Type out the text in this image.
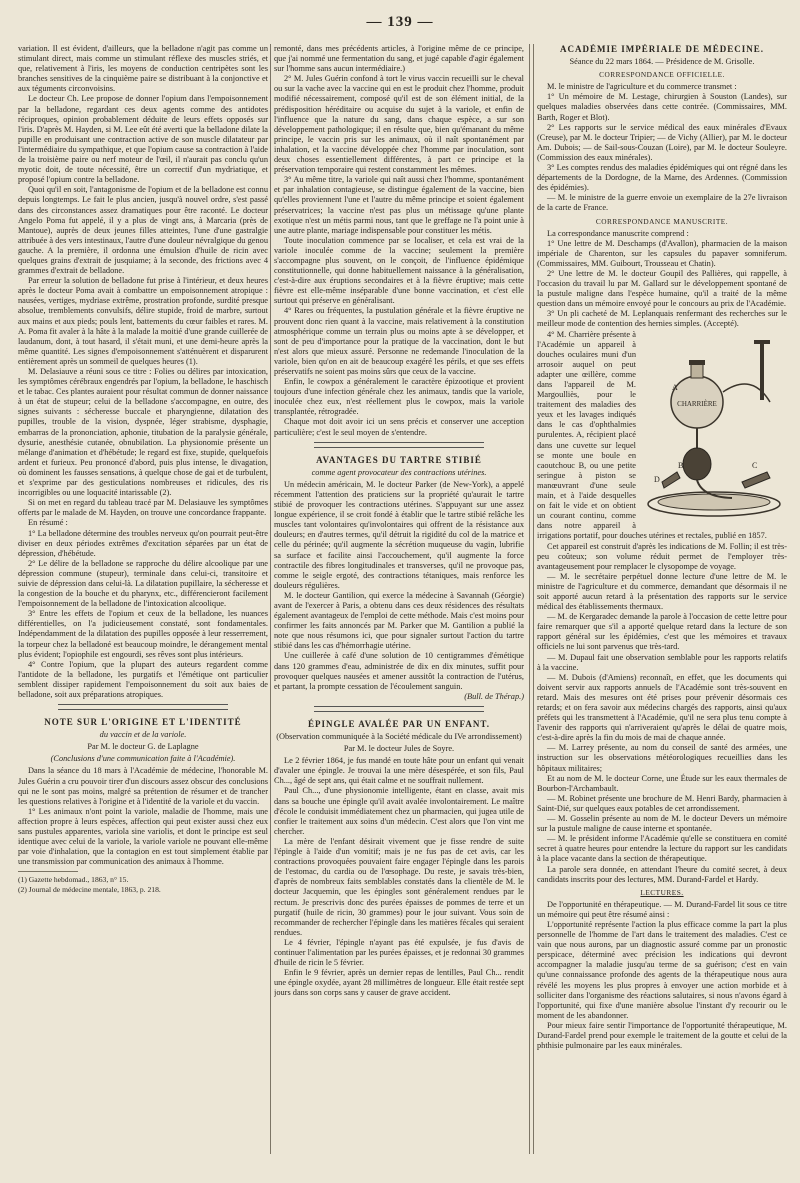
— 139 —

variation. Il est évident, d'ailleurs, que la belladone n'agit pas comme un stimulant direct, mais comme un stimulant réflexe des muscles striés, et que, relativement à l'iris, les moyens de conduction centripètes sont les branches sensitives de la cinquième paire se distribuant à la conjonctive et aux téguments circonvoisins.

Le docteur Ch. Lee propose de donner l'opium dans l'empoisonnement par la belladone, regardant ces deux agents comme des antidotes réciproques, opinion probablement déduite de leurs effets opposés sur l'iris. D'après M. Hayden, si M. Lee eût été averti que la belladone dilate la pupille en produisant une contraction active de son muscle dilatateur par l'intermédiaire du sympathique, et que l'opium cause sa contraction à l'aide de la troisième paire ou nerf moteur de l'œil, il n'aurait pas conclu qu'un myotic doit, de toute nécessité, être un correctif d'un mydriatique, et proposé l'opium contre la belladone.

Quoi qu'il en soit, l'antagonisme de l'opium et de la belladone est connu depuis longtemps. Le fait le plus ancien, jusqu'à nouvel ordre, s'est passé dans des circonstances assez dramatiques pour être raconté. Le docteur Angelo Poma fut appelé, il y a plus de vingt ans, à Marcaria (près de Mantoue), auprès de deux jeunes filles atteintes, l'une d'une gastralgie attribuée à des vers intestinaux, l'autre d'une douleur névralgique du genou gauche. A la première, il ordonna une émulsion d'huile de ricin avec quelques grains d'extrait de jusquiame; à la seconde, des frictions avec 4 grammes d'extrait de belladone.

Par erreur la solution de belladone fut prise à l'intérieur, et deux heures après le docteur Poma avait à combattre un empoisonnement atropique : nausées, vertiges, mydriase extrême, prostration profonde, surdité presque absolue, tremblements convulsifs, délire stupide, froid de marbre, surtout aux mains et aux pieds; pouls lent, battements du cœur faibles et rares. M. A. Poma fit avaler à la hâte à la malade la moitié d'une grande cuillerée de laudanum, dont, à tout hasard, il s'était muni, et une demi-heure après la même quantité. Les signes d'empoisonnement s'atténuèrent et disparurent entièrement après un sommeil de quelques heures (1).

M. Delasiauve a réuni sous ce titre : Folies ou délires par intoxication, les symptômes cérébraux engendrés par l'opium, la belladone, le haschisch et le tabac. Ces plantes auraient pour résultat commun de donner naissance à un état de stupeur; celui de la belladone s'accompagne, en outre, des signes suivants : sécheresse buccale et pharyngienne, dilatation des pupilles, trouble de la vision, dyspnée, léger strabisme, dysphagie, embarras de la prononciation, aphonie, titubation de la paralysie générale, dysurie, anesthésie cutanée, obnubilation. La physionomie présente un mélange d'animation et d'hébétude; le regard est fixe, stupide, quelquefois ardent et furieux. Peu prononcé d'abord, puis plus intense, le divagation, où dominent les fausses sensations, à quelque chose de gai et de turbulent, et s'exprime par des gesticulations nombreuses et ridicules, des ris incorrigibles ou une loquacité intarissable (2).

Si on met en regard du tableau tracé par M. Delasiauve les symptômes offerts par le malade de M. Hayden, on trouve une concordance frappante.

En résumé :

1° La belladone détermine des troubles nerveux qu'on pourrait peut-être diviser en deux périodes extrêmes d'excitation séparées par un état de dépression, d'hébétude.

2° Le délire de la belladone se rapproche du délire alcoolique par une dépression commune (stupeur), terminale dans celui-ci, transitoire et suivie de dépression dans celui-là. La dilatation pupillaire, la sécheresse et la congestion de la bouche et du pharynx, etc., différencieront facilement l'empoisonnement de la belladone de l'intoxication alcoolique.

3° Entre les effets de l'opium et ceux de la belladone, les nuances différentielles, on l'a judicieusement constaté, sont fondamentales. Indépendamment de la dilatation des pupilles opposée à leur resserrement, la torpeur chez la belladoné est beaucoup moindre, le dérangement mental plus évident; l'opiophile est engourdi, ses rêves sont plus intérieurs.

4° Contre l'opium, que la plupart des auteurs regardent comme l'antidote de la belladone, les purgatifs et l'émétique ont particulier semblent dissiper rapidement l'empoisonnement du soit aux baies de belladone, soit aux préparations atropiques.

NOTE SUR L'ORIGINE ET L'IDENTITÉ

du vaccin et de la variole.

Par M. le docteur G. de Laplagne

(Conclusions d'une communication faite à l'Académie).

Dans la séance du 18 mars à l'Académie de médecine, l'honorable M. Jules Guérin a cru pouvoir tirer d'un discours assez obscur des conclusions qui ne le sont pas moins, malgré sa prétention de résumer et de trancher les questions relatives à l'origine et à l'identité de la variole et du vaccin.

1° Les animaux n'ont point la variole, maladie de l'homme, mais une affection propre à leurs espèces, affection qui peut exister aussi chez eux sans pustules apparentes, variola sine variolis, et dont le principe est seul identique avec celui de la variole, la variole variole ne pouvant elle-même par voie d'inhalation, que la contagion en est tout simplement établie par une transmission par communication des animaux à l'homme.

(1) Gazette hebdomad., 1863, n° 15.

(2) Journal de médecine mentale, 1863, p. 218.

remonté, dans mes précédents articles, à l'origine même de ce principe, que j'ai nommé une fermentation du sang, et jugé capable d'agir également sur l'homme sans aucun intermédiaire.)

2° M. Jules Guérin confond à tort le virus vaccin recueilli sur le cheval ou sur la vache avec la vaccine qui en est le produit chez l'homme, produit modifié nécessairement, composé qu'il est de son élément initial, de la prédisposition héréditaire ou acquise du sujet à la variole, et enfin de l'influence que la nature du sang, dans chaque espèce, a sur son développement pathologique; il en résulte que, bien qu'émanant du même principe, le vaccin pris sur les animaux, où il naît spontanément par inhalation, et la vaccine développée chez l'homme par inoculation, sont deux choses essentiellement différentes, à part ce principe et la préservation temporaire qui restent constamment les mêmes.

3° Au même titre, la variole qui naît aussi chez l'homme, spontanément et par inhalation contagieuse, se distingue également de la vaccine, bien qu'elles proviennent l'une et l'autre du même principe et soient également préservatrices; la vaccine n'est pas plus un métissage qu'une plante exotique n'est un métis parmi nous, tant que le greffage ne l'a point unie à une autre plante, mariage indispensable pour constituer les métis.

Toute inoculation commence par se localiser, et cela est vrai de la variole inoculée comme de la vaccine; seulement la première s'accompagne plus souvent, on le conçoit, de l'influence épidémique constitutionnelle, qui donne habituellement naissance à la généralisation, c'est-à-dire aux éruptions secondaires et à la fièvre éruptive; mais cette fièvre est elle-même inséparable d'une bonne vaccination, et c'est elle surtout qui préserve en généralisant.

4° Rares ou fréquentes, la pustulation générale et la fièvre éruptive ne prouvent donc rien quant à la vaccine, mais relativement à la constitution atmosphérique comme un terrain plus ou moins apte à se développer, et sont de peu d'importance pour la pratique de la vaccination, dont le but n'est alors que mieux assuré. Personne ne redemande l'inoculation de la variole, bien qu'on en ait de beaucoup exagéré les périls, et que ses effets préservatifs ne soient pas moins sûrs que ceux de la vaccine.

Enfin, le cowpox a généralement le caractère épizootique et provient toujours d'une infection générale chez les animaux, tandis que la variole, inoculée chez eux, n'est réellement plus le cowpox, mais la variole transplantée, rétrogradée.

Chaque mot doit avoir ici un sens précis et conserver une acception particulière; c'est le seul moyen de s'entendre.

AVANTAGES DU TARTRE STIBIÉ

comme agent provocateur des contractions utérines.

Un médecin américain, M. le docteur Parker (de New-York), a appelé récemment l'attention des praticiens sur la propriété qu'aurait le tartre stibié de provoquer les contractions utérines. S'appuyant sur une assez longue expérience, il se croit fondé à établir que le tartre stibié relâche les muscles tant volontaires qu'involontaires qui offrent de la résistance aux douleurs; en d'autres termes, qu'il détruit la rigidité du col de la matrice et celle du périnée; qu'il augmente la sécrétion muqueuse du vagin, lubrifie sa surface et facilite ainsi l'accouchement, qu'il augmente la force contractile des fibres longitudinales et transverses, qu'il ne provoque pas, comme le seigle ergoté, des contractions tétaniques, mais renforce les douleurs régulières.

M. le docteur Gantilion, qui exerce la médecine à Savannah (Géorgie) avant de l'exercer à Paris, a obtenu dans ces deux résidences des résultats également avantageux de l'emploi de cette méthode. Mais c'est moins pour confirmer les faits annoncés par M. Parker que M. Gantilion a publié la note que nous résumons ici, que pour signaler surtout l'action du tartre stibié dans les cas d'hémorrhagie utérine.

Une cuillerée à café d'une solution de 10 centigrammes d'émétique dans 120 grammes d'eau, administrée de dix en dix minutes, suffit pour provoquer quelques nausées et amener aussitôt la contraction de l'utérus, et partant, la prompte cessation de l'écoulement sanguin.

(Bull. de Thérap.)

ÉPINGLE AVALÉE PAR UN ENFANT.

(Observation communiquée à la Société médicale du IVe arrondissement)

Par M. le docteur Jules de Soyre.

Le 2 février 1864, je fus mandé en toute hâte pour un enfant qui venait d'avaler une épingle. Je trouvai la une mère désespérée, et son fils, Paul Ch..., âgé de sept ans, qui était calme et ne souffrait nullement.

Paul Ch..., d'une physionomie intelligente, étant en classe, avait mis dans sa bouche une épingle qu'il avait avalée involontairement. Le maître d'école le conduisit immédiatement chez un pharmacien, qui jugea utile de confier le traitement aux soins d'un médecin. C'est alors que l'on vint me chercher.

La mère de l'enfant désirait vivement que je fisse rendre de suite l'épingle à l'aide d'un vomitif; mais je ne fus pas de cet avis, car les contractions provoquées pouvaient faire engager l'épingle dans les parois de l'estomac, du cardia ou de l'œsophage. Du reste, je savais très-bien, d'après de nombreux faits semblables constatés dans la clientèle de M. le docteur Jacquemin, que les épingles sont généralement rendues par le rectum. Je prescrivis donc des purées épaisses de pommes de terre et un purgatif (huile de ricin, 30 grammes) pour le jour suivant. Vous soin de recommander de rechercher l'épingle dans les matières fécales qui seraient rendues.

Le 4 février, l'épingle n'ayant pas été expulsée, je fus d'avis de continuer l'alimentation par les purées épaisses, et je redonnai 30 grammes d'huile de ricin le 5 février.

Enfin le 9 février, après un dernier repas de lentilles, Paul Ch... rendit une épingle oxydée, ayant 28 millimètres de longueur. Elle était restée sept jours dans son corps sans y causer de grave accident.

ACADÉMIE IMPÉRIALE DE MÉDECINE.

Séance du 22 mars 1864. — Présidence de M. Grisolle.

CORRESPONDANCE OFFICIELLE.

M. le ministre de l'agriculture et du commerce transmet :

1° Un mémoire de M. Lestage, chirurgien à Souston (Landes), sur quelques maladies observées dans cette contrée. (Commissaires, MM. Barth, Roger et Blot).

2° Les rapports sur le service médical des eaux minérales d'Evaux (Creuse), par M. le docteur Tripier; — de Vichy (Allier), par M. le docteur Am. Dubois; — de Sail-sous-Couzan (Loire), par M. le docteur Souleyre. (Commission des eaux minérales).

3° Les comptes rendus des maladies épidémiques qui ont régné dans les départements de la Dordogne, de la Marne, des Ardennes. (Commission des épidémies).

— M. le ministre de la guerre envoie un exemplaire de la 27e livraison de la carte de France.

CORRESPONDANCE MANUSCRITE.

La correspondance manuscrite comprend :

1° Une lettre de M. Deschamps (d'Avallon), pharmacien de la maison impériale de Charenton, sur les capsules du papaver somniferum. (Commissaires, MM. Guibourt, Trousseau et Chatin).

2° Une lettre de M. le docteur Goupil des Pallières, qui rappelle, à l'occasion du travail lu par M. Gallard sur le développement spontané de la pustule maligne dans l'espèce humaine, qu'il a traité de la même question dans un mémoire envoyé pour le concours au prix de l'Académie.

3° Un pli cacheté de M. Leplanquais renfermant des recherches sur le meilleur mode de contention des hernies simples. (Accepté).

CHARRIÈRE
A
B	C
D

4° M. Charrière présente à l'Académie un appareil à douches oculaires muni d'un arrosoir auquel on peut adapter une œillère, comme dans l'appareil de M. Margoulliès, pour le traitement des maladies des yeux et les lavages indiqués dans le cas d'ophthalmies purulentes. A, récipient placé dans une cuvette sur lequel se monte une boule en caoutchouc B, ou une petite seringue à piston se manœuvrant d'une seule main, et à l'aide desquelles on fait le vide et on obtient un courant continu, comme dans notre appareil à irrigations portatif, pour douches utérines et rectales, publié en 1857.

Cet appareil est construit d'après les indications de M. Follin; il est très-peu coûteux; son volume réduit permet de l'employer très-avantageusement pour remplacer le clysopompe de voyage.

— M. le secrétaire perpétuel donne lecture d'une lettre de M. le ministre de l'agriculture et du commerce, demandant que désormais il ne soit apporté aucun retard à la présentation des rapports sur le service médical des établissements thermaux.

— M. de Kergaradec demande la parole à l'occasion de cette lettre pour faire remarquer que s'il a apporté quelque retard dans la lecture de son rapport général sur les épidémies, c'est que les mémoires et travaux officiels ne lui sont parvenus que très-tard.

— M. Dupaul fait une observation semblable pour les rapports relatifs à la vaccine.

— M. Dubois (d'Amiens) reconnaît, en effet, que les documents qui doivent servir aux rapports annuels de l'Académie sont très-souvent en retard. Mais des mesures ont été prises pour prévenir désormais ces retards; et on fera savoir aux médecins chargés des rapports, ainsi qu'aux préfets qui les transmettent à l'Académie, qu'il ne sera plus tenu compte à l'avenir des rapports qui n'arriveraient qu'après le délai de quatre mois, c'est-à-dire après la fin du mois de mai de chaque année.

— M. Larrey présente, au nom du conseil de santé des armées, une instruction sur les observations météorologiques recueillies dans les hôpitaux militaires;

Et au nom de M. le docteur Corne, une Étude sur les eaux thermales de Bourbon-l'Archambault.

— M. Robinet présente une brochure de M. Henri Bardy, pharmacien à Saint-Dié, sur quelques eaux potables de cet arrondissement.

— M. Gosselin présente au nom de M. le docteur Devers un mémoire sur la pustule maligne de cause interne et spontanée.

— M. le président informe l'Académie qu'elle se constituera en comité secret à quatre heures pour entendre la lecture du rapport sur les candidats à la place vacante dans la section de thérapeutique.

La parole sera donnée, en attendant l'heure du comité secret, à deux candidats inscrits pour des lectures, MM. Durand-Fardel et Hardy.

LECTURES.

De l'opportunité en thérapeutique. — M. Durand-Fardel lit sous ce titre un mémoire qui peut être résumé ainsi :

L'opportunité représente l'action la plus efficace comme la part la plus personnelle de l'homme de l'art dans le traitement des maladies. C'est ce vain que nous aurons, par un diagnostic assuré comme par un pronostic perspicace, déterminé avec précision les indications qui devront accompagner la maladie jusqu'au terme de sa guérison; c'est en vain qu'une connaissance profonde des agents de la thérapeutique nous aura révélé les moyens les plus propres à envoyer une action morbide et à solliciter dans l'organisme des réactions salutaires, si nous n'avons égard à l'opportunité, qui fixe d'une manière absolue l'instant d'y recourir ou le moment de les abandonner.

Pour mieux faire sentir l'importance de l'opportunité thérapeutique, M. Durand-Fardel prend pour exemple le traitement de la goutte et celui de la phthisie pulmonaire par les eaux minérales.
